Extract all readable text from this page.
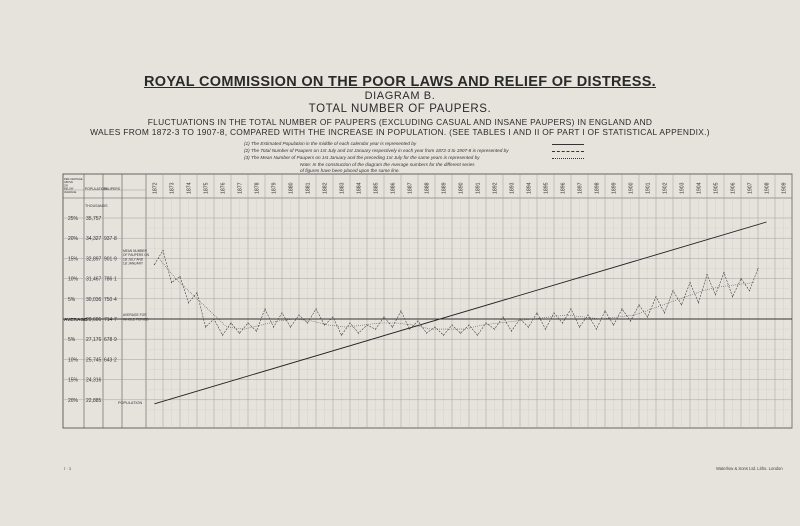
ROYAL COMMISSION ON THE POOR LAWS AND RELIEF OF DISTRESS.
DIAGRAM B.
TOTAL NUMBER OF PAUPERS.
FLUCTUATIONS IN THE TOTAL NUMBER OF PAUPERS (EXCLUDING CASUAL AND INSANE PAUPERS) IN ENGLAND AND
WALES FROM 1872-3 TO 1907-8, COMPARED WITH THE INCREASE IN POPULATION. (SEE TABLES I AND II OF PART I OF STATISTICAL APPENDIX.)
(1) The Estimated Population in the middle of each calendar year is represented by
(2) The Total Number of Paupers on 1st July and 1st January respectively in each year from 1872-3 to 1907-8 is represented by
(3) The Mean Number of Paupers on 1st January and the preceding 1st July for the same years is represented by
Note: In the construction of the diagram the Average numbers for the different series
of figures have been placed upon the same line.
1872 1873 1874 1875 1876 1877 1878 1879 1880 1881 1882 1883 1884 1885 1886 1887 1888 1889 1890 1891 1892 1893 1894 1895 1896 1897 1898 1899 1900 1901 1902 1903 1904 1905 1906 1907 1908 1909
PER-CENTAGE
ABOVE
OR
BELOW
AVERAGE
POPULATION
PAUPERS
THOUSANDS
25% 35,757
20% 34,327 937·8
15% 32,897 901·9
10% 31,467 786·1
5% 30,036 750·4
AVERAGE
28,606 714·7
5% 27,176 678·9
10% 25,745 643·2
15% 24,316
20% 22,885
MEAN NUMBER
OF PAUPERS ON
1st JULY AND
1st JANUARY
AVERAGE FOR
WHOLE PERIOD
POPULATION
I · 1	Waterlow & Sons Ltd. Litho. London
